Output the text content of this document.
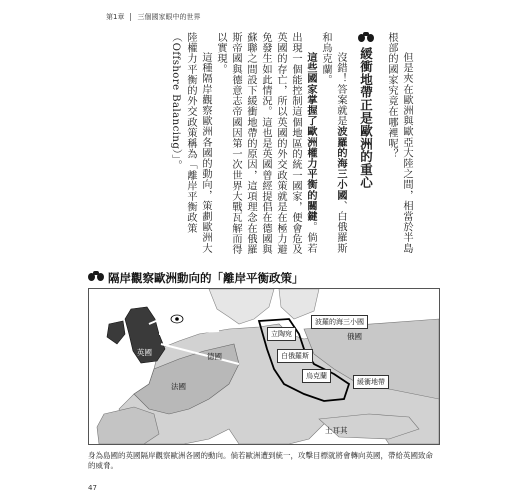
第1章 三個國家眼中的世界

但是夾在歐洲與歐亞大陸之間，相當於半島根部的國家究竟在哪裡呢？

緩衝地帶正是歐洲的重心

沒錯！答案就是波羅的海三小國、白俄羅斯和烏克蘭。

這些國家掌握了歐洲權力平衡的關鍵。倘若出現一個能控制這個地區的統一國家，便會危及英國的存亡，所以英國的外交政策就是在極力避免發生如此情況。這也是英國曾經提倡在德國與蘇聯之間設下緩衝地帶的原因，這項理念在俄羅斯帝國與德意志帝國因第一次世界大戰瓦解而得以實現。

這種隔岸觀察歐洲各國的動向，策劃歐洲大陸權力平衡的外交政策稱為「離岸平衡政策（Offshore Balancing）」。

隔岸觀察歐洲動向的「離岸平衡政策」
英國	德國
法國
波羅的海三小國
俄國
立陶宛
白俄羅斯
烏克蘭
緩衝地帶
土耳其
身為島國的英國隔岸觀察歐洲各國的動向。倘若歐洲遭到統一，攻擊目標就將會轉向英國，帶給英國致命的威脅。
47
